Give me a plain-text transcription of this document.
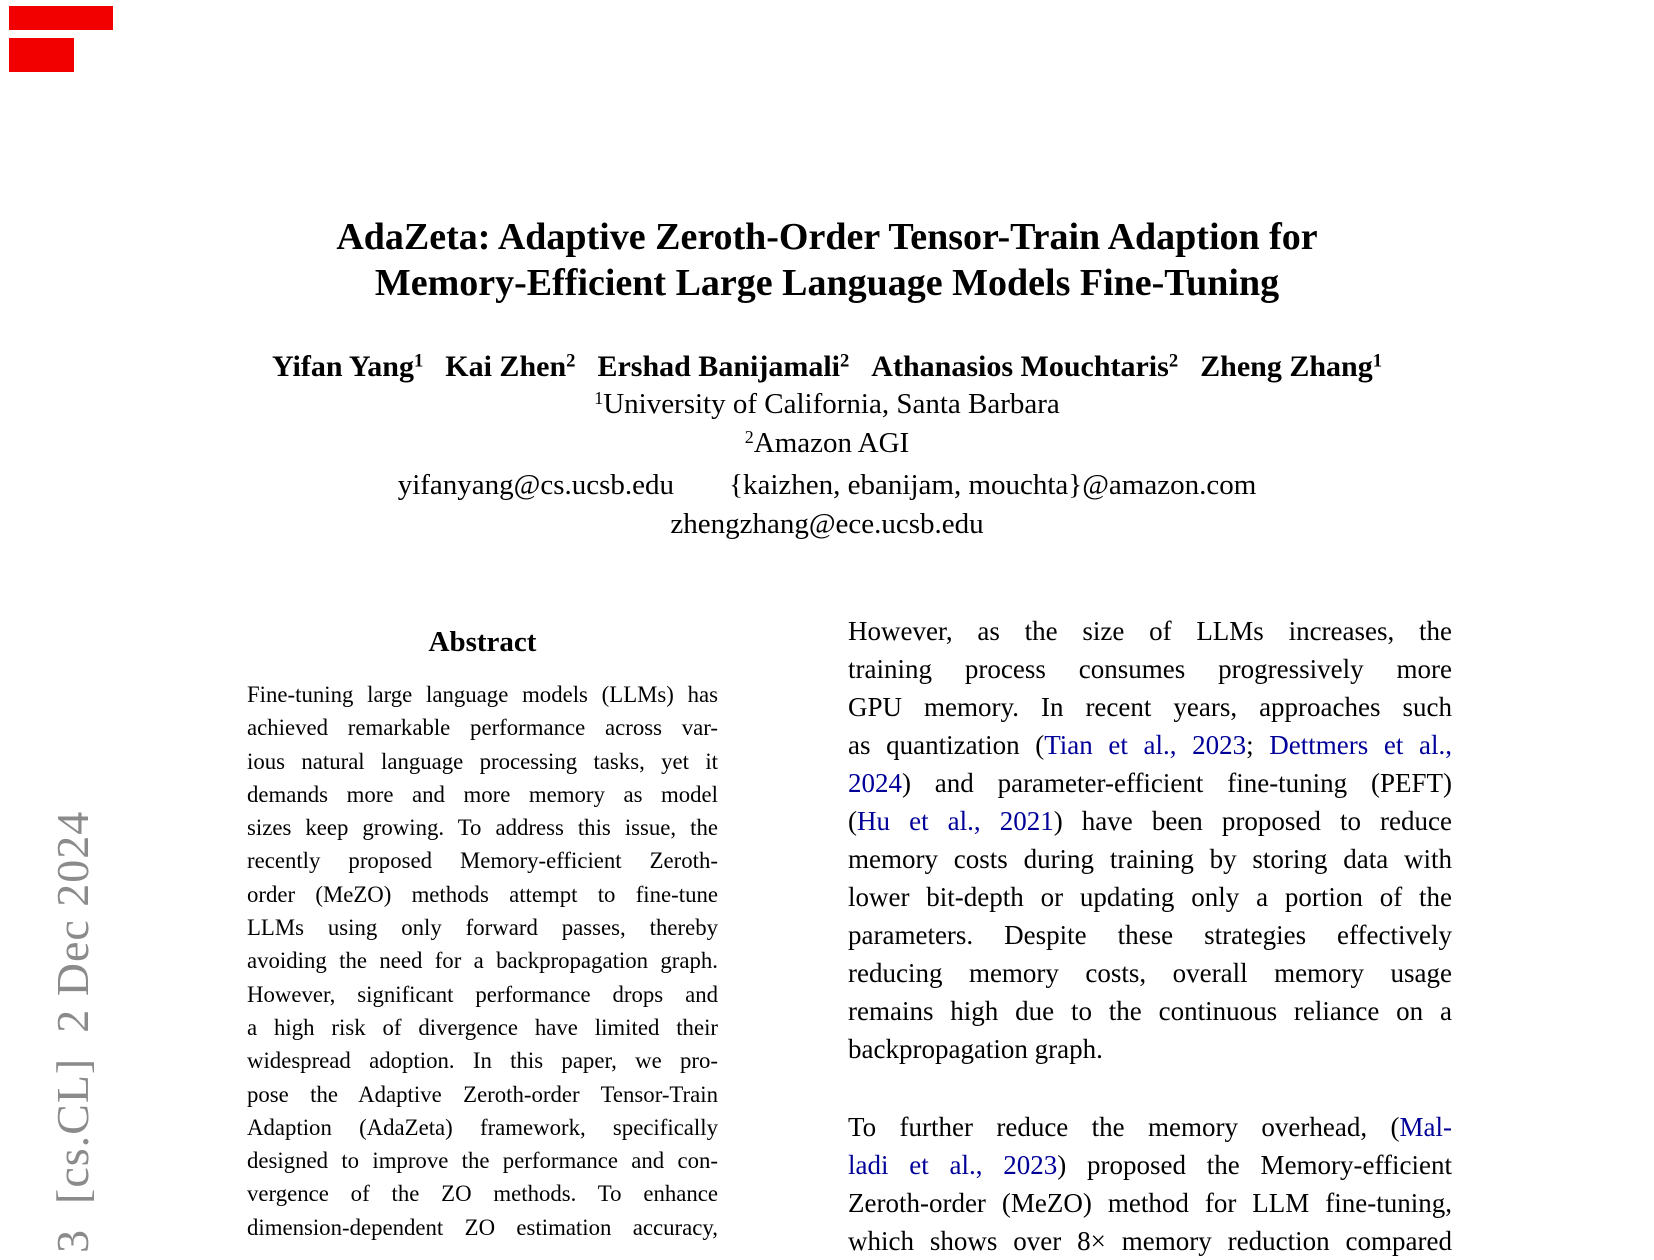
3  [cs.CL]  2 Dec 2024
AdaZeta: Adaptive Zeroth-Order Tensor-Train Adaption for
Memory-Efficient Large Language Models Fine-Tuning
Yifan Yang$^1$ Kai Zhen$^2$ Ershad Banijamali$^2$ Athanasios Mouchtaris$^2$ Zheng Zhang$^1$
$^1$University of California, Santa Barbara
$^2$Amazon AGI
yifanyang@cs.ucsb.edu {kaizhen, ebanijam, mouchta}@amazon.com
zhengzhang@ece.ucsb.edu
Abstract
Fine-tuning large language models (LLMs) has
achieved remarkable performance across var-
ious natural language processing tasks, yet it
demands more and more memory as model
sizes keep growing. To address this issue, the
recently proposed Memory-efficient Zeroth-
order (MeZO) methods attempt to fine-tune
LLMs using only forward passes, thereby
avoiding the need for a backpropagation graph.
However, significant performance drops and
a high risk of divergence have limited their
widespread adoption. In this paper, we pro-
pose the Adaptive Zeroth-order Tensor-Train
Adaption (AdaZeta) framework, specifically
designed to improve the performance and con-
vergence of the ZO methods. To enhance
dimension-dependent ZO estimation accuracy,
However, as the size of LLMs increases, the
training process consumes progressively more
GPU memory. In recent years, approaches such
as quantization (Tian et al., 2023; Dettmers et al.,
2024) and parameter-efficient fine-tuning (PEFT)
(Hu et al., 2021) have been proposed to reduce
memory costs during training by storing data with
lower bit-depth or updating only a portion of the
parameters. Despite these strategies effectively
reducing memory costs, overall memory usage
remains high due to the continuous reliance on a
backpropagation graph.
To further reduce the memory overhead, (Mal-
ladi et al., 2023) proposed the Memory-efficient
Zeroth-order (MeZO) method for LLM fine-tuning,
which shows over 8× memory reduction compared
